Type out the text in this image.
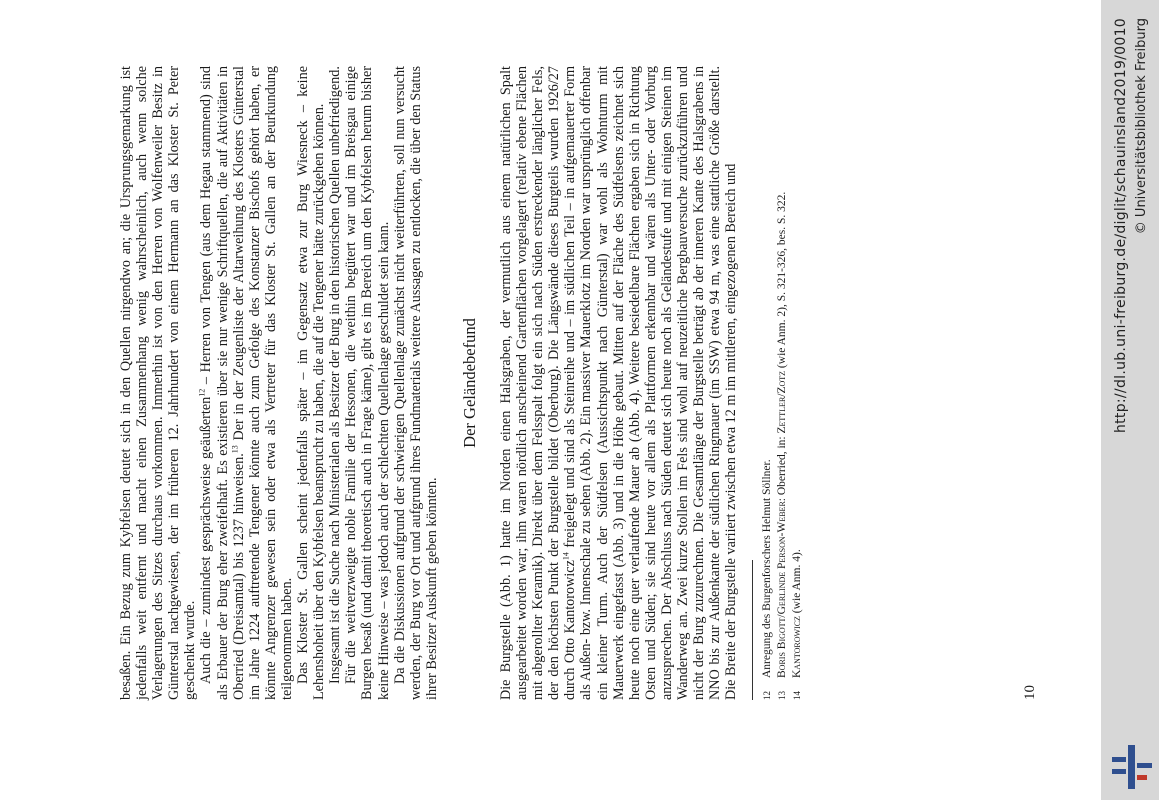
besaßen. Ein Bezug zum Kybfelsen deutet sich in den Quellen nirgendwo an; die Ursprungsgemarkung ist jedenfalls weit entfernt und macht einen Zusammenhang wenig wahrscheinlich, auch wenn solche Verlagerungen des Sitzes durchaus vorkommen. Immerhin ist von den Herren von Wolfenweiler Besitz in Günterstal nachgewiesen, der im früheren 12. Jahrhundert von einem Hermann an das Kloster St. Peter geschenkt wurde. Auch die – zumindest gesprächsweise geäußerten$^{12}$ – Herren von Tengen (aus dem Hegau stammend) sind als Erbauer der Burg eher zweifelhaft. Es existieren über sie nur wenige Schriftquellen, die auf Aktivitäten in Oberried (Dreisamtal) bis 1237 hinweisen.$^{13}$ Der in der Zeugenliste der Altarweihung des Klosters Günterstal im Jahre 1224 auftretende Tengener könnte auch zum Gefolge des Konstanzer Bischofs gehört haben, er könnte Angrenzer gewesen sein oder etwa als Vertreter für das Kloster St. Gallen an der Beurkundung teilgenommen haben. Das Kloster St. Gallen scheint jedenfalls später – im Gegensatz etwa zur Burg Wiesneck – keine Lehenshoheit über den Kybfelsen beansprucht zu haben, die auf die Tengener hätte zurückgehen können. Insgesamt ist die Suche nach Ministerialen als Besitzer der Burg in den historischen Quellen unbefriedigend. Für die weitverzweigte noble Familie der Hessonen, die weithin begütert war und im Breisgau einige Burgen besaß (und damit theoretisch auch in Frage käme), gibt es im Bereich um den Kybfelsen herum bisher keine Hinweise – was jedoch auch der schlechten Quellenlage geschuldet sein kann. Da die Diskussionen aufgrund der schwierigen Quellenlage zunächst nicht weiterführten, soll nun versucht werden, der Burg vor Ort und aufgrund ihres Fundmaterials weitere Aussagen zu entlocken, die über den Status ihrer Besitzer Auskunft geben könnten.

Der Geländebefund Die Burgstelle (Abb. 1) hatte im Norden einen Halsgraben, der vermutlich aus einem natürlichen Spalt ausgearbeitet worden war; ihm waren nördlich anscheinend Gartenflächen vorgelagert (relativ ebene Flächen mit abgerollter Keramik). Direkt über dem Felsspalt folgt ein sich nach Süden erstreckender länglicher Fels, der den höchsten Punkt der Burgstelle bildet (Oberburg). Die Längswände dieses Burgteils wurden 1926/27 durch Otto Kantorowicz$^{14}$ freigelegt und sind als Steinreihe und – im südlichen Teil – in aufgemauerter Form als Außen- bzw. Innenschale zu sehen (Abb. 2). Ein massiver Mauerklotz im Norden war ursprünglich offenbar ein kleiner Turm. Auch der Südfelsen (Aussichtspunkt nach Günterstal) war wohl als Wohnturm mit Mauerwerk eingefasst (Abb. 3) und in die Höhe gebaut. Mitten auf der Fläche des Südfelsens zeichnet sich heute noch eine quer verlaufende Mauer ab (Abb. 4). Weitere besiedelbare Flächen ergaben sich in Richtung Osten und Süden; sie sind heute vor allem als Plattformen erkennbar und wären als Unter- oder Vorburg anzusprechen. Der Abschluss nach Süden deutet sich heute noch als Geländestufe und mit einigen Steinen im Wanderweg an. Zwei kurze Stollen im Fels sind wohl auf neuzeitliche Bergbauversuche zurückzuführen und nicht der Burg zuzurechnen. Die Gesamtlänge der Burgstelle beträgt ab der inneren Kante des Halsgrabens in NNO bis zur Außenkante der südlichen Ringmauer (im SSW) etwa 94 m, was eine stattliche Größe darstellt. Die Breite der Burgstelle variiert zwischen etwa 12 m im mittleren, eingezogenen Bereich und	12
Anregung des Burgenforschers Helmut Söllner.
13
Boris Bigott/Gerlinde Person-Weber: Oberried, in: Zettler/Zotz (wie Anm. 2), S. 321-326, bes. S. 322.
14
Kantorowicz (wie Anm. 4).
10
http://dl.ub.uni-freiburg.de/diglit/schauinsland2019/0010 © Universitätsbibliothek Freiburg
